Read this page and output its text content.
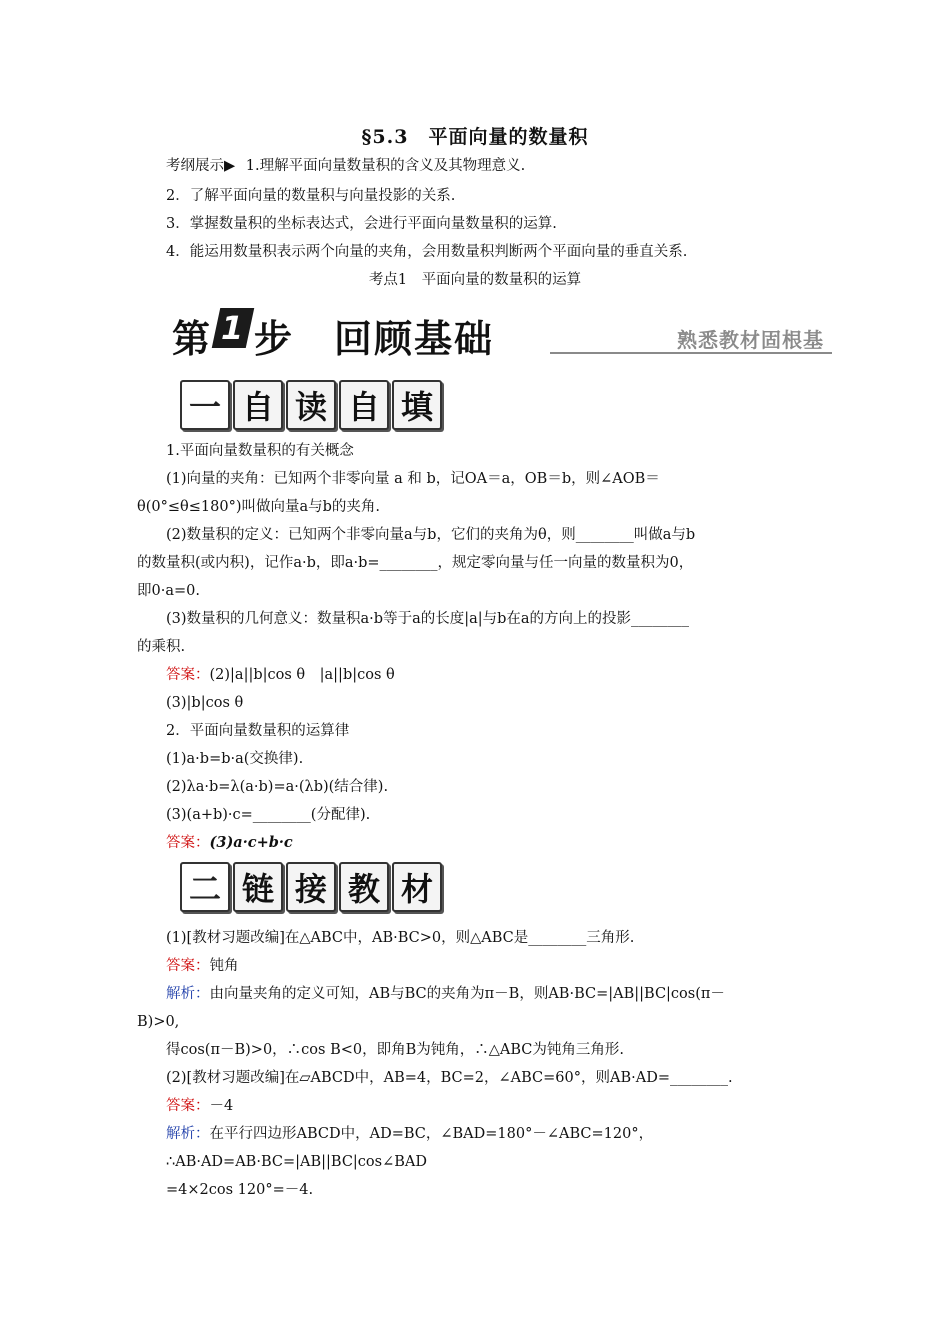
§5.3　平面向量的数量积
考纲展示▶ 1.理解平面向量数量积的含义及其物理意义.
2．了解平面向量的数量积与向量投影的关系.
3．掌握数量积的坐标表达式，会进行平面向量数量积的运算.
4．能运用数量积表示两个向量的夹角，会用数量积判断两个平面向量的垂直关系.
考点1　平面向量的数量积的运算
第 1 步　回顾基础	熟悉教材固根基
一 自 读 自 填
1.平面向量数量积的有关概念
(1)向量的夹角：已知两个非零向量 a 和 b，记OA＝a，OB＝b，则∠AOB＝
θ(0°≤θ≤180°)叫做向量a与b的夹角.
(2)数量积的定义：已知两个非零向量a与b，它们的夹角为θ，则________叫做a与b
的数量积(或内积)，记作a·b，即a·b=________，规定零向量与任一向量的数量积为0，
即0·a=0.
(3)数量积的几何意义：数量积a·b等于a的长度|a|与b在a的方向上的投影________
的乘积.
答案：(2)|a||b|cos θ　|a||b|cos θ
(3)|b|cos θ
2．平面向量数量积的运算律
(1)a·b=b·a(交换律).
(2)λa·b=λ(a·b)=a·(λb)(结合律).
(3)(a+b)·c=________(分配律).
答案：(3)a·c+b·c
二 链 接 教 材
(1)[教材习题改编]在△ABC中，AB·BC>0，则△ABC是________三角形.
答案：钝角
解析：由向量夹角的定义可知，AB与BC的夹角为π－B，则AB·BC=|AB||BC|cos(π－
B)>0,
得cos(π－B)>0，∴cos B<0，即角B为钝角，∴△ABC为钝角三角形.
(2)[教材习题改编]在▱ABCD中，AB=4，BC=2，∠ABC=60°，则AB·AD=________.
答案：－4
解析：在平行四边形ABCD中，AD=BC，∠BAD=180°－∠ABC=120°，
∴AB·AD=AB·BC=|AB||BC|cos∠BAD
=4×2cos 120°=－4.
